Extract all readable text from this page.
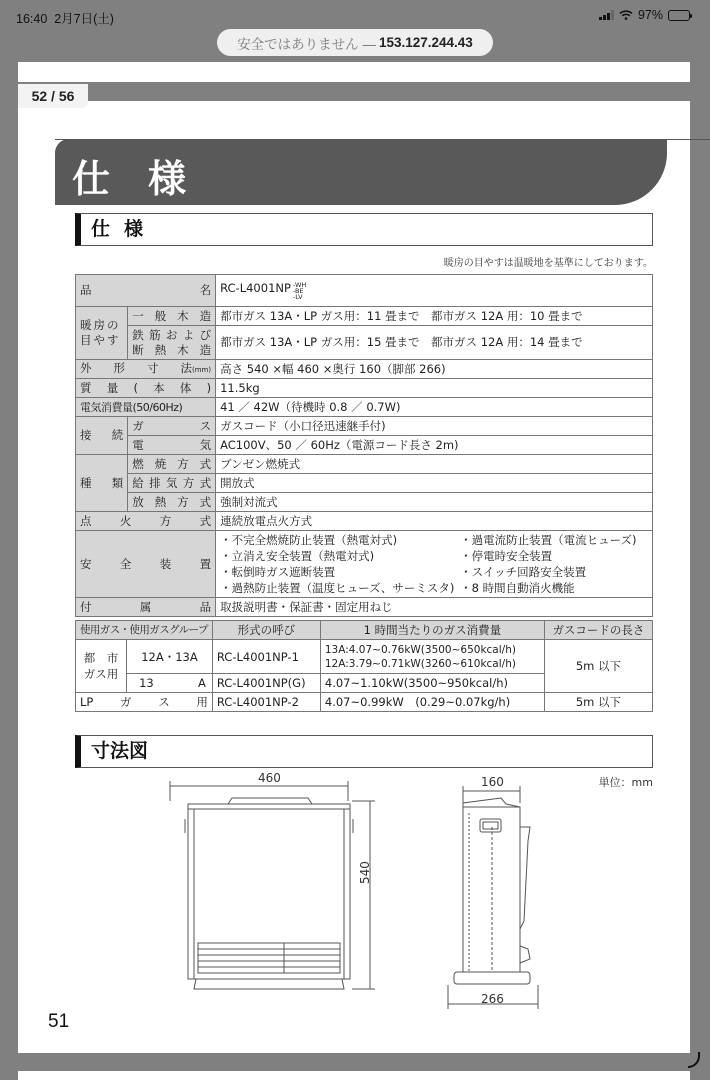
16:40 2月7日(土)	97%
安全ではありません — 153.127.244.43
52 / 56
仕様
仕様
暖房の目やすは温暖地を基準にしております。
品名		RC-L4001NP -WH
-BE
-LV
暖房の目やす	一般木造	都市ガス 13A・LP ガス用：11 畳まで　都市ガス 12A 用：10 畳まで

	鉄筋および
断熱木造	都市ガス 13A・LP ガス用：15 畳まで　都市ガス 12A 用：14 畳まで
外形寸法(mm)		高さ 540 ×幅 460 ×奥行 160（脚部 266)
質量(本体)		11.5kg
電気消費量(50/60Hz)		41 ／ 42W（待機時 0.8 ／ 0.7W)
接続	ガス	ガスコード（小口径迅速継手付)
	電気	AC100V、50 ／ 60Hz（電源コード長さ 2m)
種類	燃焼方式	ブンゼン燃焼式
	給排気方式	開放式
	放熱方式	強制対流式
点火方式		連続放電点火方式
安全装置	
・不完全燃焼防止装置（熱電対式)	・過電流防止装置（電流ヒューズ)
・立消え安全装置（熱電対式)	・停電時安全装置
・転倒時ガス遮断装置	・スイッチ回路安全装置
・過熱防止装置（温度ヒューズ、サーミスタ) ・8 時間自動消火機能

付属品		取扱説明書・保証書・固定用ねじ
使用ガス・使用ガスグループ		形式の呼び	1 時間当たりのガス消費量	ガスコードの長さ

都　市
ガス用
	12A・13A	RC-L4001NP-1	13A:4.07~0.76kW(3500~650kcal/h)
12A:3.79~0.71kW(3260~610kcal/h)	5m 以下

	13 A	RC-L4001NP(G)	4.07~1.10kW(3500~950kcal/h)	
LPガス用		RC-L4001NP-2	4.07~0.99kW　(0.29~0.07kg/h)	5m 以下
寸法図
単位：mm
460
540
160
266
51
